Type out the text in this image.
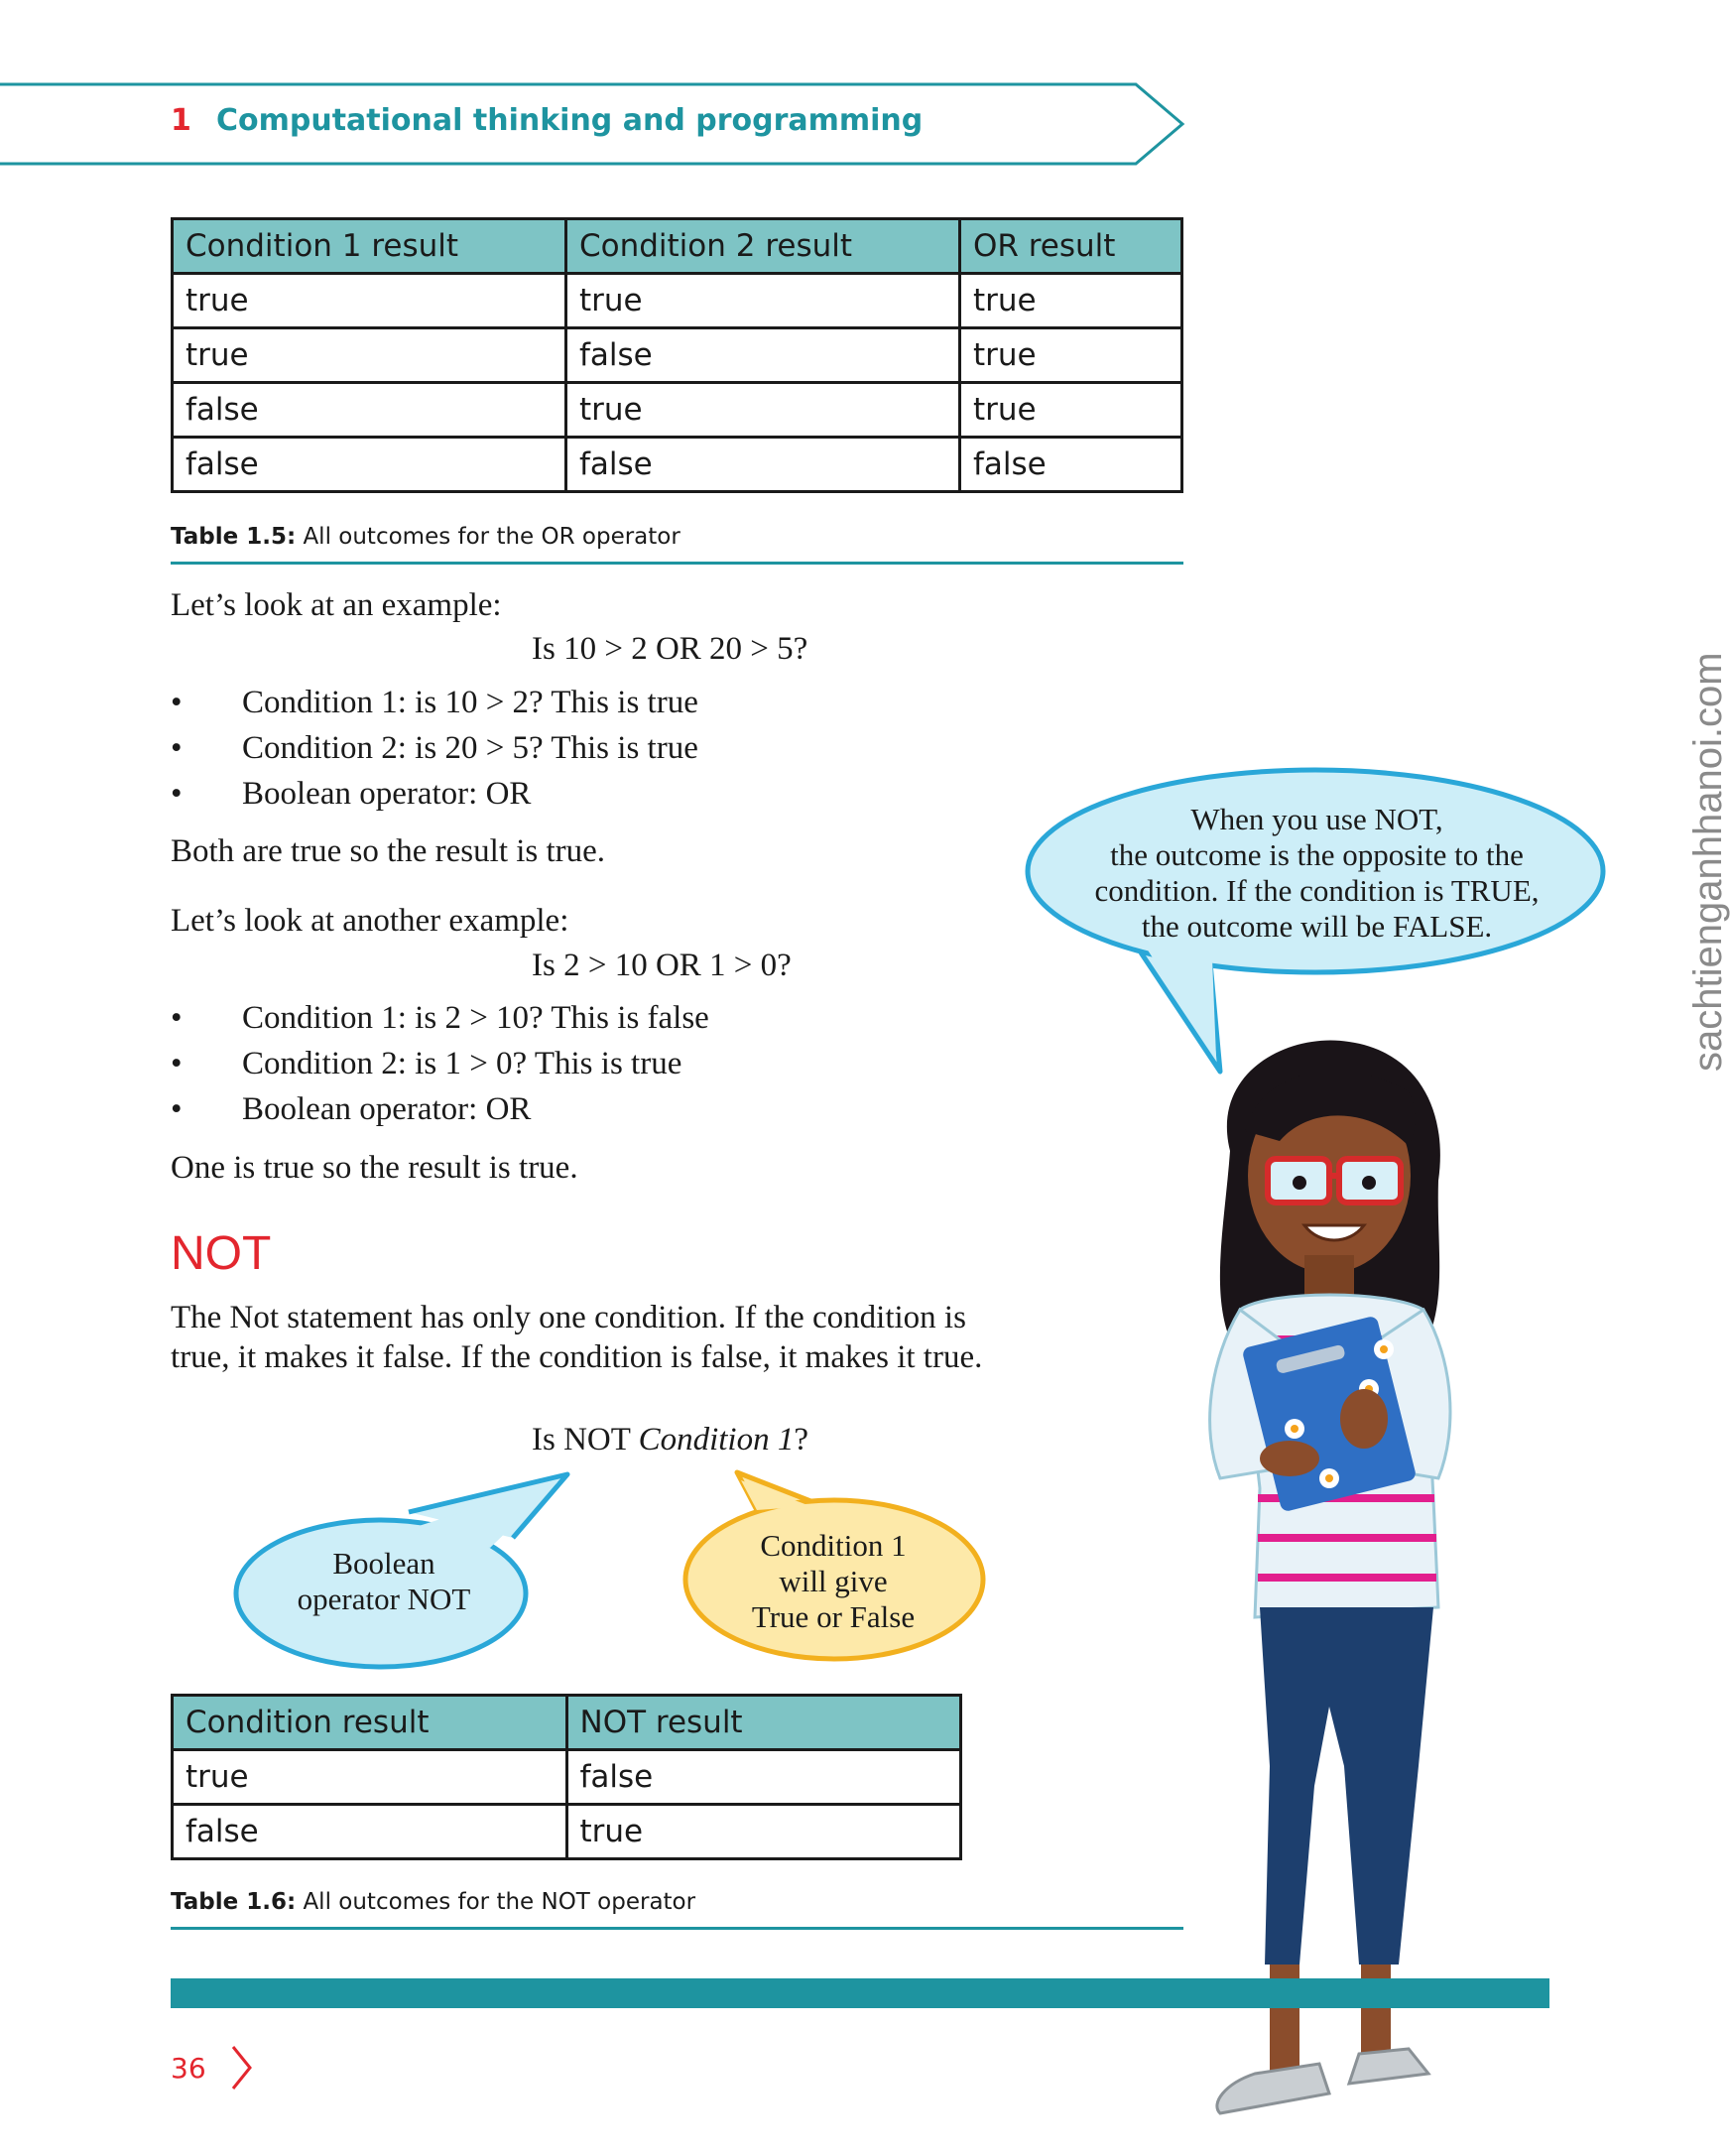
1 Computational thinking and programming
Condition 1 result	Condition 2 result	OR result
true	true	true
true	false	true
false	true	true
false	false	false
Table 1.5: All outcomes for the OR operator
Let’s look at an example:
Is 10 > 2 OR 20 > 5?
• Condition 1: is 10 > 2? This is true
• Condition 2: is 20 > 5? This is true
• Boolean operator: OR
Both are true so the result is true.
Let’s look at another example:
Is 2 > 10 OR 1 > 0?
• Condition 1: is 2 > 10? This is false
• Condition 2: is 1 > 0? This is true
• Boolean operator: OR
One is true so the result is true.
NOT
The Not statement has only one condition. If the condition is true, it makes it false. If the condition is false, it makes it true.
Is NOT Condition 1?
Boolean
operator NOT
Condition 1
will give
True or False
When you use NOT,
the outcome is the opposite to the
condition. If the condition is TRUE,
the outcome will be FALSE.
Condition result	NOT result
true	false
false	true
Table 1.6: All outcomes for the NOT operator
36
sachtienganhhanoi.com
